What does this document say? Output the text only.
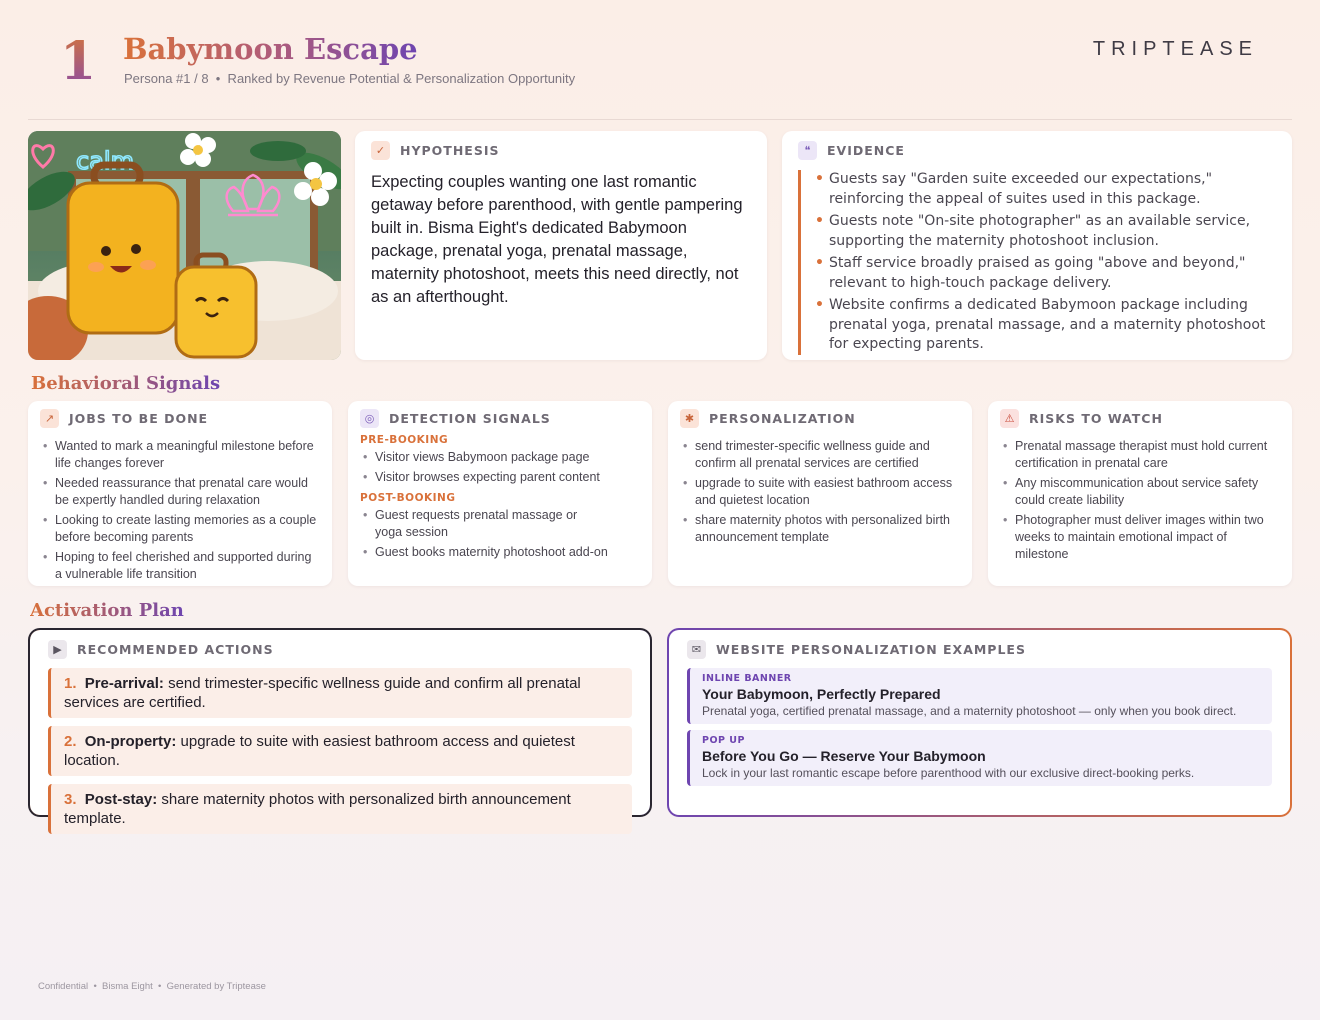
1 Babymoon Escape
Persona #1 / 8  •  Ranked by Revenue Potential & Personalization Opportunity
TRIPTEASE
calm	✓	HYPOTHESIS
Expecting couples wanting one last romantic getaway before parenthood, with gentle pampering built in. Bisma Eight's dedicated Babymoon package, prenatal yoga, prenatal massage, maternity photoshoot, meets this need directly, not as an afterthought.
❝	EVIDENCE
• Guests say "Garden suite exceeded our expectations," reinforcing the appeal of suites used in this package.
• Guests note "On-site photographer" as an available service, supporting the maternity photoshoot inclusion.
• Staff service broadly praised as going "above and beyond," relevant to high-touch package delivery.
• Website confirms a dedicated Babymoon package including prenatal yoga, prenatal massage, and a maternity photoshoot for expecting parents.
Behavioral Signals
↗	JOBS TO BE DONE
• Wanted to mark a meaningful milestone before life changes forever
• Needed reassurance that prenatal care would be expertly handled during relaxation
• Looking to create lasting memories as a couple before becoming parents
• Hoping to feel cherished and supported during a vulnerable life transition
◎	DETECTION SIGNALS
PRE-BOOKING
• Visitor views Babymoon package page
• Visitor browses expecting parent content
POST-BOOKING
• Guest requests prenatal massage or yoga session
• Guest books maternity photoshoot add-on
✱	PERSONALIZATION
• send trimester-specific wellness guide and confirm all prenatal services are certified
• upgrade to suite with easiest bathroom access and quietest location
• share maternity photos with personalized birth announcement template
⚠	RISKS TO WATCH
• Prenatal massage therapist must hold current certification in prenatal care
• Any miscommunication about service safety could create liability
• Photographer must deliver images within two weeks to maintain emotional impact of milestone
Activation Plan
▶	RECOMMENDED ACTIONS
1. Pre-arrival: send trimester-specific wellness guide and confirm all prenatal services are certified.
2. On-property: upgrade to suite with easiest bathroom access and quietest location.
3. Post-stay: share maternity photos with personalized birth announcement template.
✉	WEBSITE PERSONALIZATION EXAMPLES
INLINE BANNER
Your Babymoon, Perfectly Prepared
Prenatal yoga, certified prenatal massage, and a maternity photoshoot — only when you book direct.
POP UP
Before You Go — Reserve Your Babymoon
Lock in your last romantic escape before parenthood with our exclusive direct-booking perks.
Confidential  •  Bisma Eight  •  Generated by Triptease
